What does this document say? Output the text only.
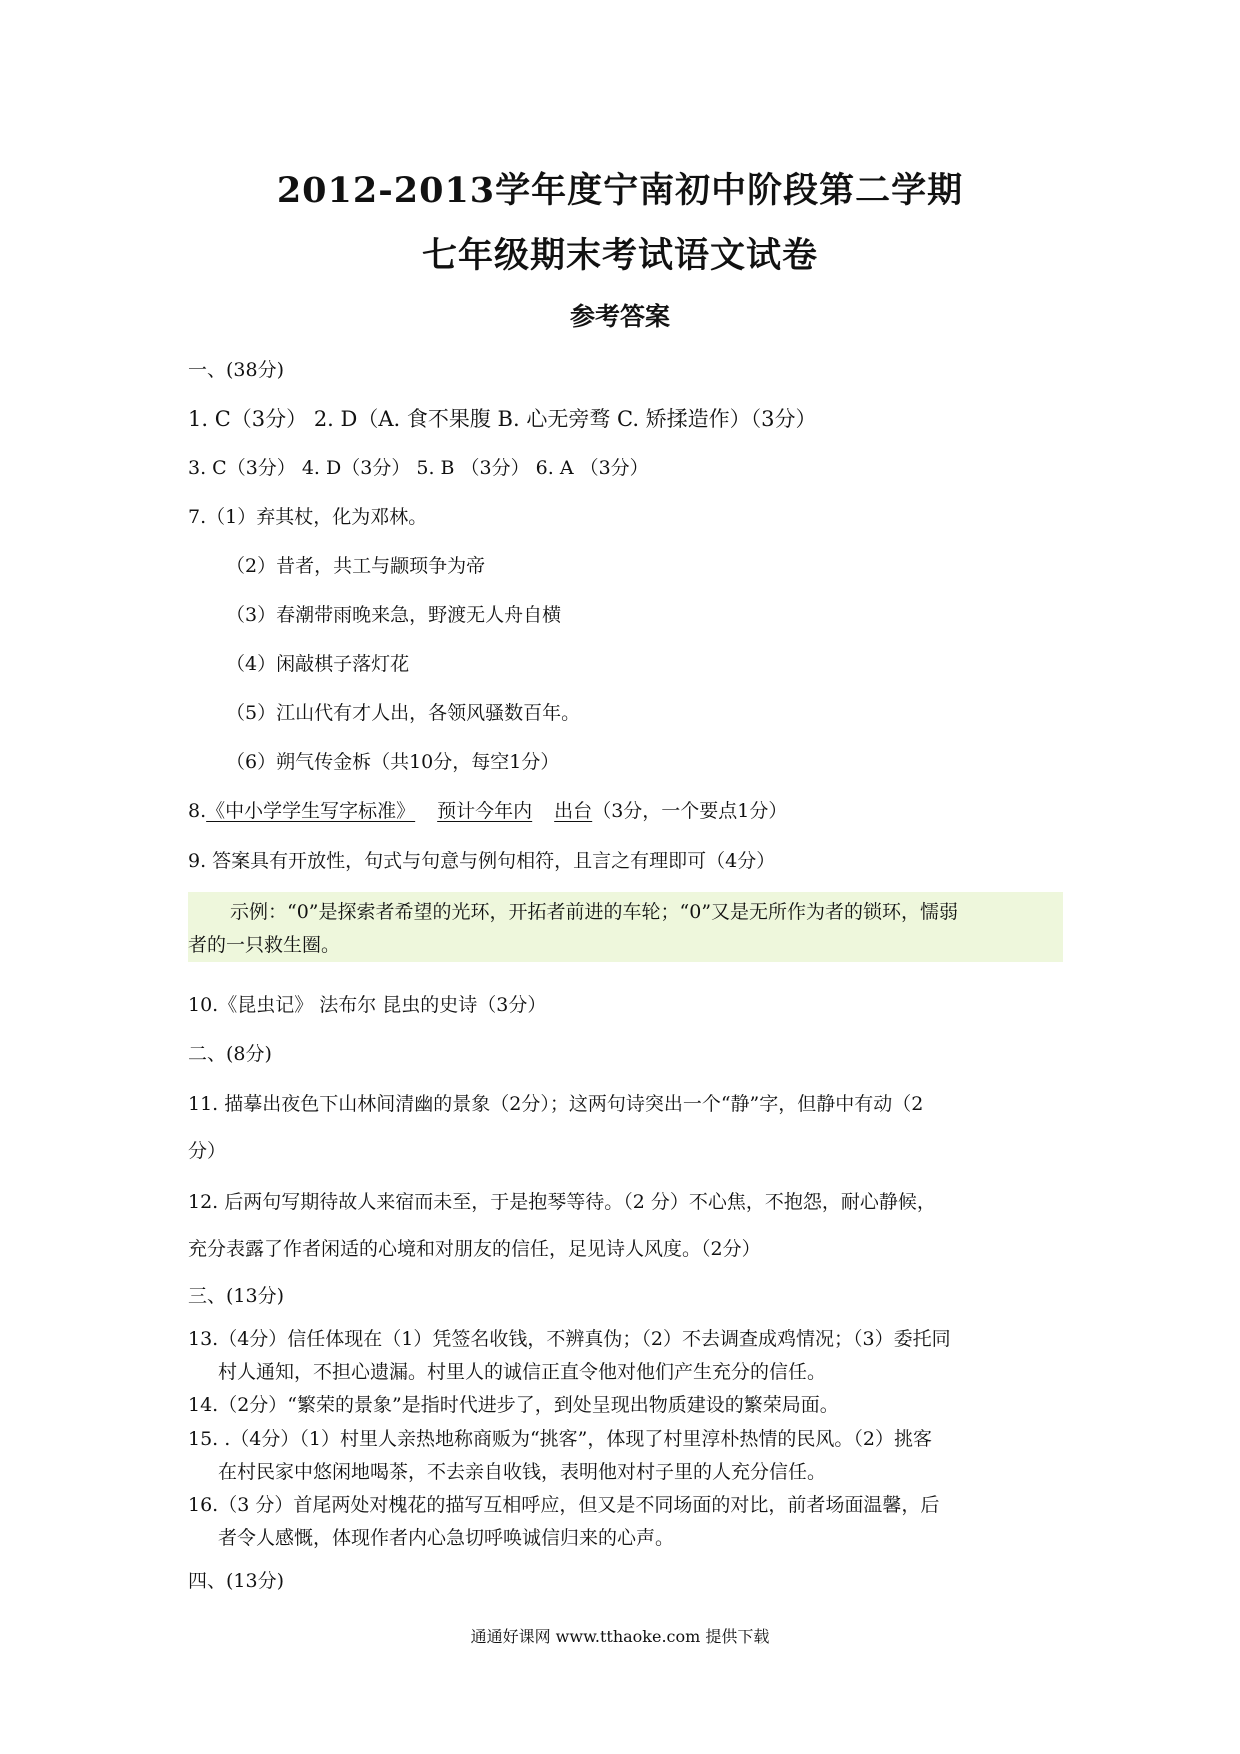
2012-2013学年度宁南初中阶段第二学期
七年级期末考试语文试卷
参考答案
一、(38分)
1. C（3分） 2. D（A. 食不果腹 B. 心无旁骛 C. 矫揉造作）（3分）
3. C（3分） 4. D（3分） 5. B （3分） 6. A （3分）
7.（1）弃其杖，化为邓林。
（2）昔者，共工与颛顼争为帝
（3）春潮带雨晚来急，野渡无人舟自横
（4）闲敲棋子落灯花
（5）江山代有才人出，各领风骚数百年。
（6）朔气传金柝（共10分，每空1分）
8.《中小学学生写字标准》 预计今年内 出台（3分，一个要点1分）
9. 答案具有开放性，句式与句意与例句相符，且言之有理即可（4分）
示例：“0”是探索者希望的光环，开拓者前进的车轮；“0”又是无所作为者的锁环，懦弱
者的一只救生圈。
10.《昆虫记》 法布尔 昆虫的史诗（3分）
二、(8分)
11. 描摹出夜色下山林间清幽的景象（2分）；这两句诗突出一个“静”字，但静中有动（2
分）
12. 后两句写期待故人来宿而未至，于是抱琴等待。（2 分）不心焦，不抱怨，耐心静候，
充分表露了作者闲适的心境和对朋友的信任，足见诗人风度。（2分）
三、(13分)
13.（4分）信任体现在（1）凭签名收钱，不辨真伪；（2）不去调查成鸡情况；（3）委托同
村人通知，不担心遗漏。村里人的诚信正直令他对他们产生充分的信任。
14.（2分）“繁荣的景象”是指时代进步了，到处呈现出物质建设的繁荣局面。
15. .（4分）（1）村里人亲热地称商贩为“挑客”，体现了村里淳朴热情的民风。（2）挑客
在村民家中悠闲地喝茶，不去亲自收钱，表明他对村子里的人充分信任。
16.（3 分）首尾两处对槐花的描写互相呼应，但又是不同场面的对比，前者场面温馨，后
者令人感慨，体现作者内心急切呼唤诚信归来的心声。
四、(13分)
通通好课网 www.tthaoke.com 提供下载
